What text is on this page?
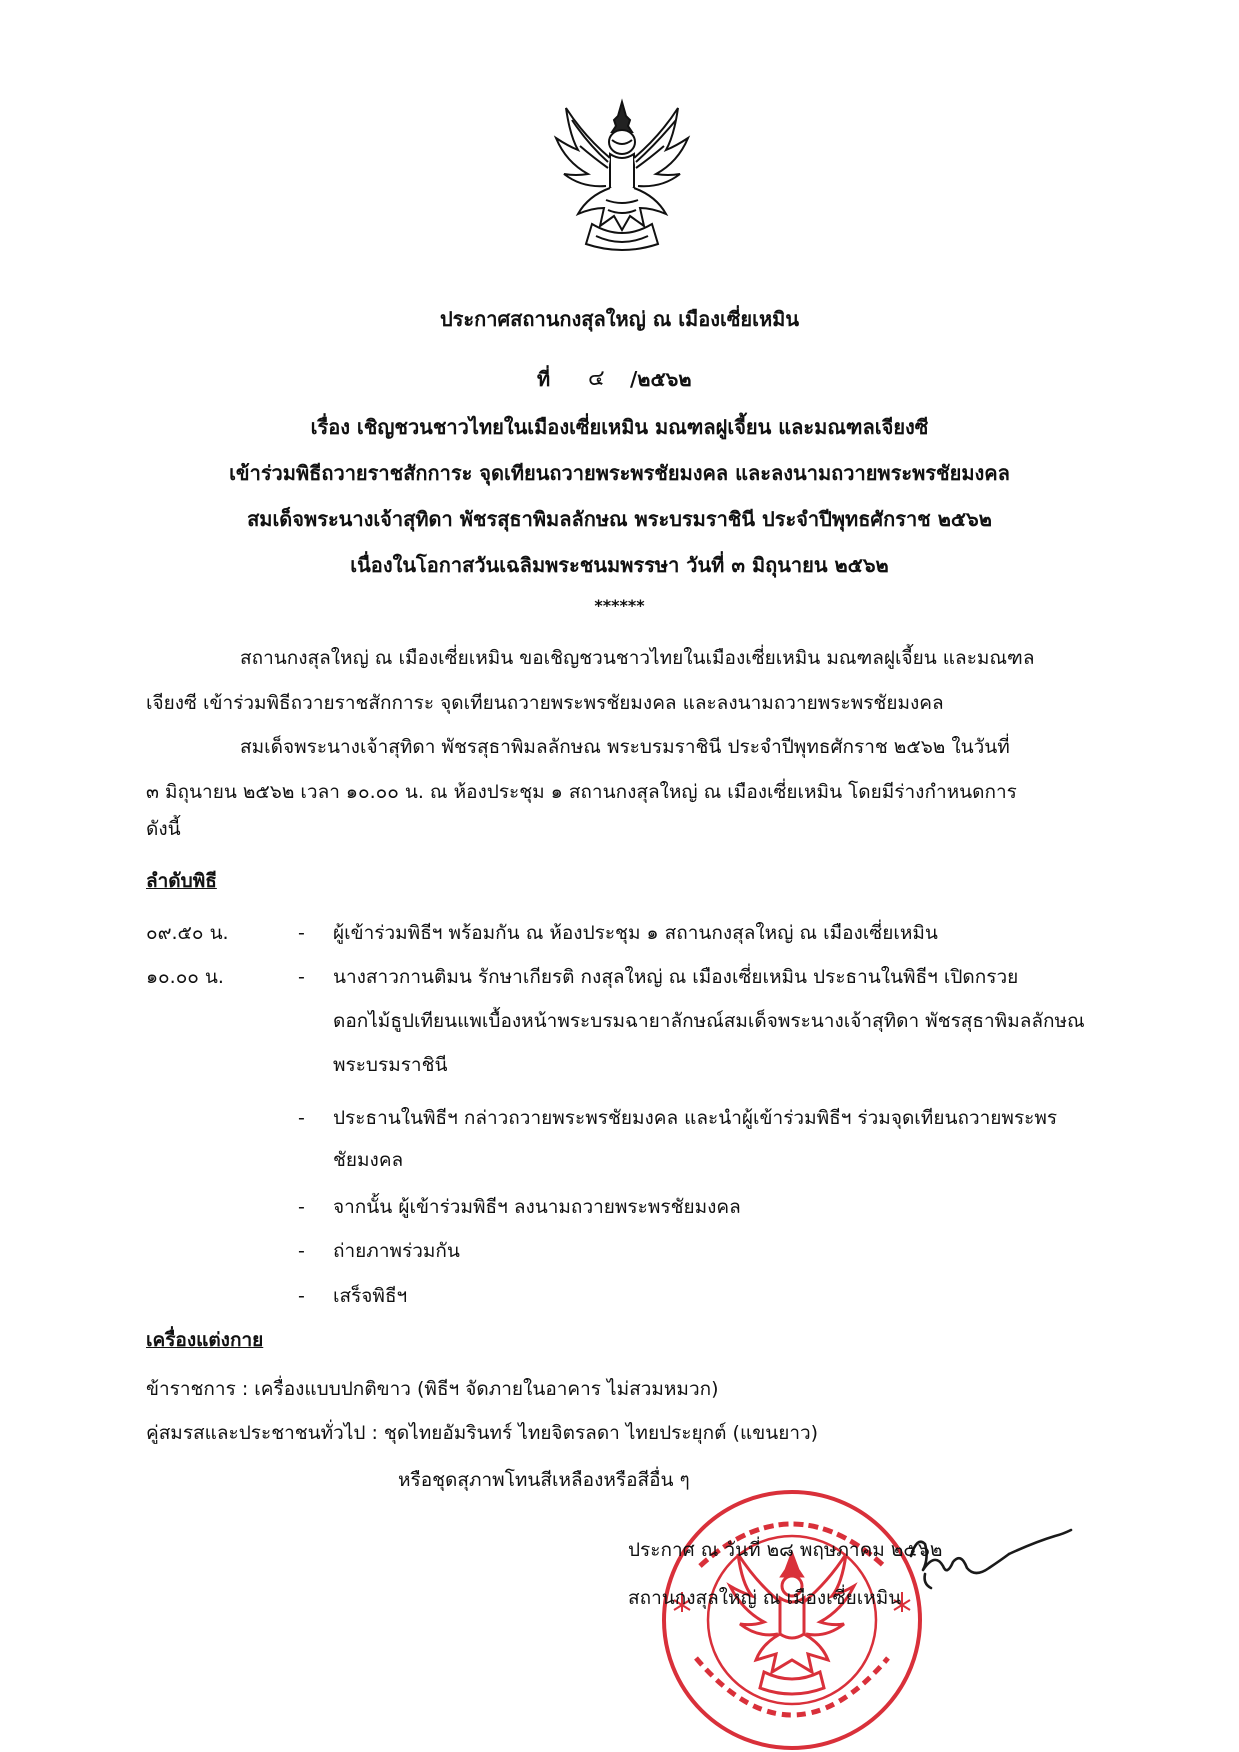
ประกาศสถานกงสุลใหญ่ ณ เมืองเซี่ยเหมิน
ที่ ๔ /๒๕๖๒
เรื่อง เชิญชวนชาวไทยในเมืองเซี่ยเหมิน มณฑลฝูเจี้ยน และมณฑลเจียงซี
เข้าร่วมพิธีถวายราชสักการะ จุดเทียนถวายพระพรชัยมงคล และลงนามถวายพระพรชัยมงคล
สมเด็จพระนางเจ้าสุทิดา พัชรสุธาพิมลลักษณ พระบรมราชินี ประจำปีพุทธศักราช ๒๕๖๒
เนื่องในโอกาสวันเฉลิมพระชนมพรรษา วันที่ ๓ มิถุนายน ๒๕๖๒
******
สถานกงสุลใหญ่ ณ เมืองเซี่ยเหมิน ขอเชิญชวนชาวไทยในเมืองเซี่ยเหมิน มณฑลฝูเจี้ยน และมณฑล
เจียงซี เข้าร่วมพิธีถวายราชสักการะ จุดเทียนถวายพระพรชัยมงคล และลงนามถวายพระพรชัยมงคล
สมเด็จพระนางเจ้าสุทิดา พัชรสุธาพิมลลักษณ พระบรมราชินี ประจำปีพุทธศักราช ๒๕๖๒ ในวันที่
๓ มิถุนายน ๒๕๖๒ เวลา ๑๐.๐๐ น. ณ ห้องประชุม ๑ สถานกงสุลใหญ่ ณ เมืองเซี่ยเหมิน โดยมีร่างกำหนดการ
ดังนี้
ลำดับพิธี
๐๙.๕๐ น.	- ผู้เข้าร่วมพิธีฯ พร้อมกัน ณ ห้องประชุม ๑ สถานกงสุลใหญ่ ณ เมืองเซี่ยเหมิน
๑๐.๐๐ น.	- นางสาวกานติมน รักษาเกียรติ กงสุลใหญ่ ณ เมืองเซี่ยเหมิน ประธานในพิธีฯ เปิดกรวย
ดอกไม้ธูปเทียนแพเบื้องหน้าพระบรมฉายาลักษณ์สมเด็จพระนางเจ้าสุทิดา พัชรสุธาพิมลลักษณ
พระบรมราชินี
- ประธานในพิธีฯ กล่าวถวายพระพรชัยมงคล และนำผู้เข้าร่วมพิธีฯ ร่วมจุดเทียนถวายพระพร
ชัยมงคล
- จากนั้น ผู้เข้าร่วมพิธีฯ ลงนามถวายพระพรชัยมงคล
- ถ่ายภาพร่วมกัน
- เสร็จพิธีฯ
เครื่องแต่งกาย
ข้าราชการ : เครื่องแบบปกติขาว (พิธีฯ จัดภายในอาคาร ไม่สวมหมวก)
คู่สมรสและประชาชนทั่วไป : ชุดไทยอัมรินทร์ ไทยจิตรลดา ไทยประยุกต์ (แขนยาว)
หรือชุดสุภาพโทนสีเหลืองหรือสีอื่น ๆ
ประกาศ ณ วันที่ ๒๘ พฤษภาคม ๒๕๖๒
สถานกงสุลใหญ่ ณ เมืองเซี่ยเหมิน
